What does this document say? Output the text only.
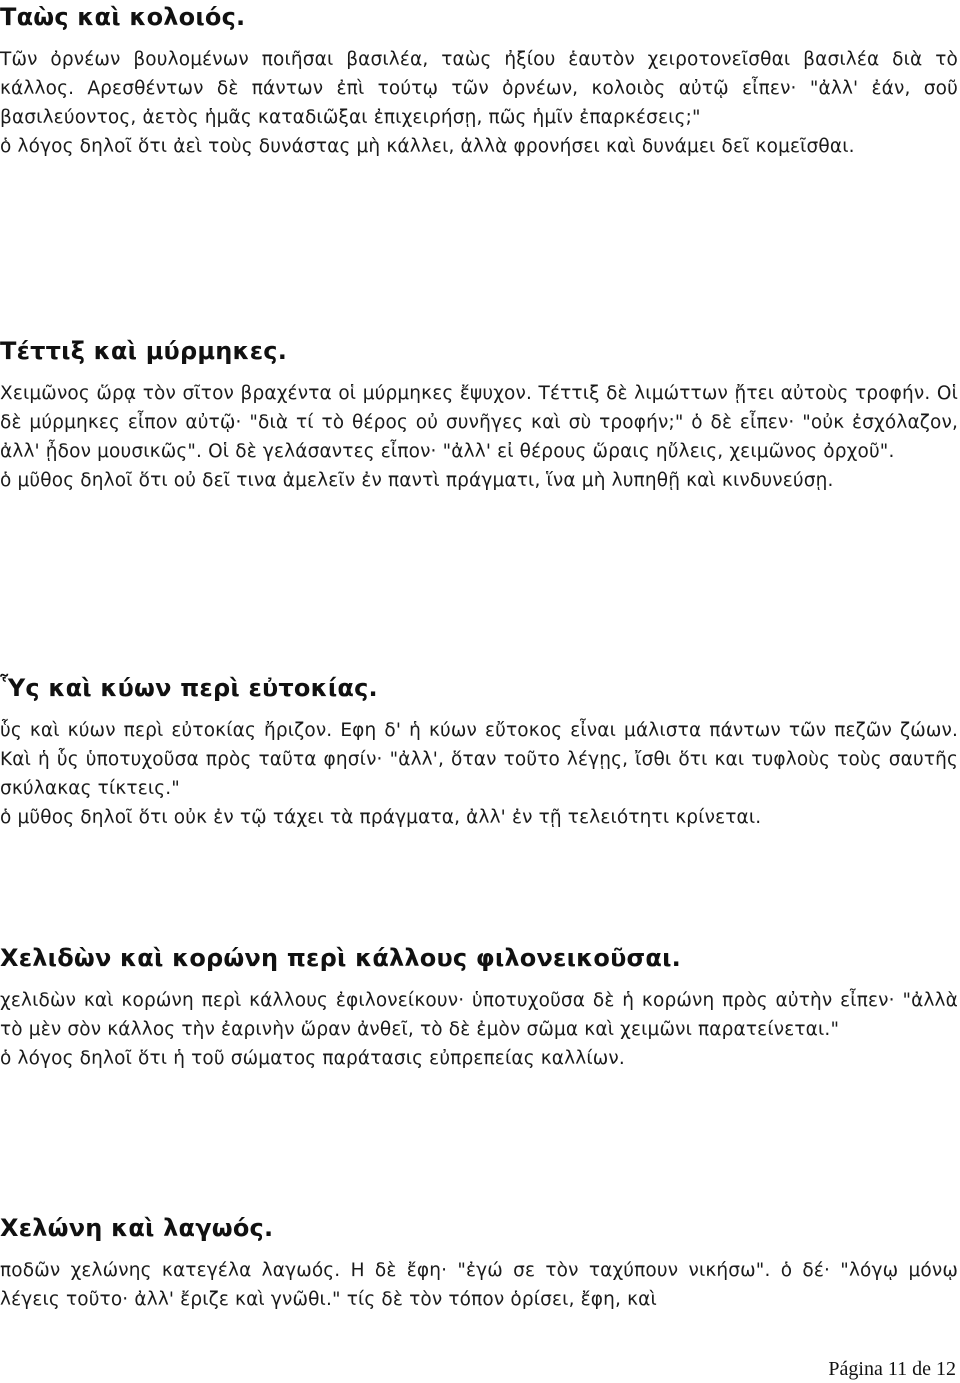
Ταὼς καὶ κολοιός.

Τῶν ὀρνέων βουλομένων ποιῆσαι βασιλέα, ταὼς ἠξίου ἑαυτὸν χειροτονεῖσθαι βασιλέα διὰ τὸ κάλλος. Αρεσθέντων δὲ πάντων ἐπὶ τούτῳ τῶν ὀρνέων, κολοιὸς αὐτῷ εἶπεν· "ἀλλ' ἐάν, σοῦ βασιλεύοντος, ἀετὸς ἡμᾶς καταδιῶξαι ἐπιχειρήσῃ, πῶς ἡμῖν ἐπαρκέσεις;"

ὁ λόγος δηλοῖ ὅτι ἀεὶ τοὺς δυνάστας μὴ κάλλει, ἀλλὰ φρονήσει καὶ δυνάμει δεῖ κομεῖσθαι.

Τέττιξ καὶ μύρμηκες.

Χειμῶνος ὥρᾳ τὸν σῖτον βραχέντα οἱ μύρμηκες ἔψυχον. Τέττιξ δὲ λιμώττων ᾔτει αὐτοὺς τροφήν. Οἱ δὲ μύρμηκες εἶπον αὐτῷ· "διὰ τί τὸ θέρος οὐ συνῆγες καὶ σὺ τροφήν;" ὁ δὲ εἶπεν· "οὐκ ἐσχόλαζον, ἀλλ' ᾖδον μουσικῶς". Οἱ δὲ γελάσαντες εἶπον· "ἀλλ' εἰ θέρους ὥραις ηὔλεις, χειμῶνος ὀρχοῦ".

ὁ μῦθος δηλοῖ ὅτι οὐ δεῖ τινα ἀμελεῖν ἐν παντὶ πράγματι, ἵνα μὴ λυπηθῇ καὶ κινδυνεύσῃ.

Ὗς καὶ κύων περὶ εὐτοκίας.

ὗς καὶ κύων περὶ εὐτοκίας ἤριζον. Εφη δ' ἡ κύων εὔτοκος εἶναι μάλιστα πάντων τῶν πεζῶν ζώων. Καὶ ἡ ὗς ὑποτυχοῦσα πρὸς ταῦτα φησίν· "ἀλλ', ὅταν τοῦτο λέγῃς, ἴσθι ὅτι και τυφλοὺς τοὺς σαυτῆς σκύλακας τίκτεις."

ὁ μῦθος δηλοῖ ὅτι οὐκ ἐν τῷ τάχει τὰ πράγματα, ἀλλ' ἐν τῇ τελειότητι κρίνεται.

Χελιδὼν καὶ κορώνη περὶ κάλλους φιλονεικοῦσαι.

χελιδὼν καὶ κορώνη περὶ κάλλους ἐφιλονείκουν· ὑποτυχοῦσα δὲ ἡ κορώνη πρὸς αὐτὴν εἶπεν· "ἀλλὰ τὸ μὲν σὸν κάλλος τὴν ἐαρινὴν ὥραν ἀνθεῖ, τὸ δὲ ἐμὸν σῶμα καὶ χειμῶνι παρατείνεται."

ὁ λόγος δηλοῖ ὅτι ἡ τοῦ σώματος παράτασις εὐπρεπείας καλλίων.

Χελώνη καὶ λαγωός.

ποδῶν χελώνης κατεγέλα λαγωός. Η δὲ ἔφη· "ἐγώ σε τὸν ταχύπουν νικήσω". ὁ δέ· "λόγῳ μόνῳ λέγεις τοῦτο· ἀλλ' ἔριζε καὶ γνῶθι." τίς δὲ τὸν τόπον ὁρίσει, ἔφη, καὶ

Página 11 de 12
